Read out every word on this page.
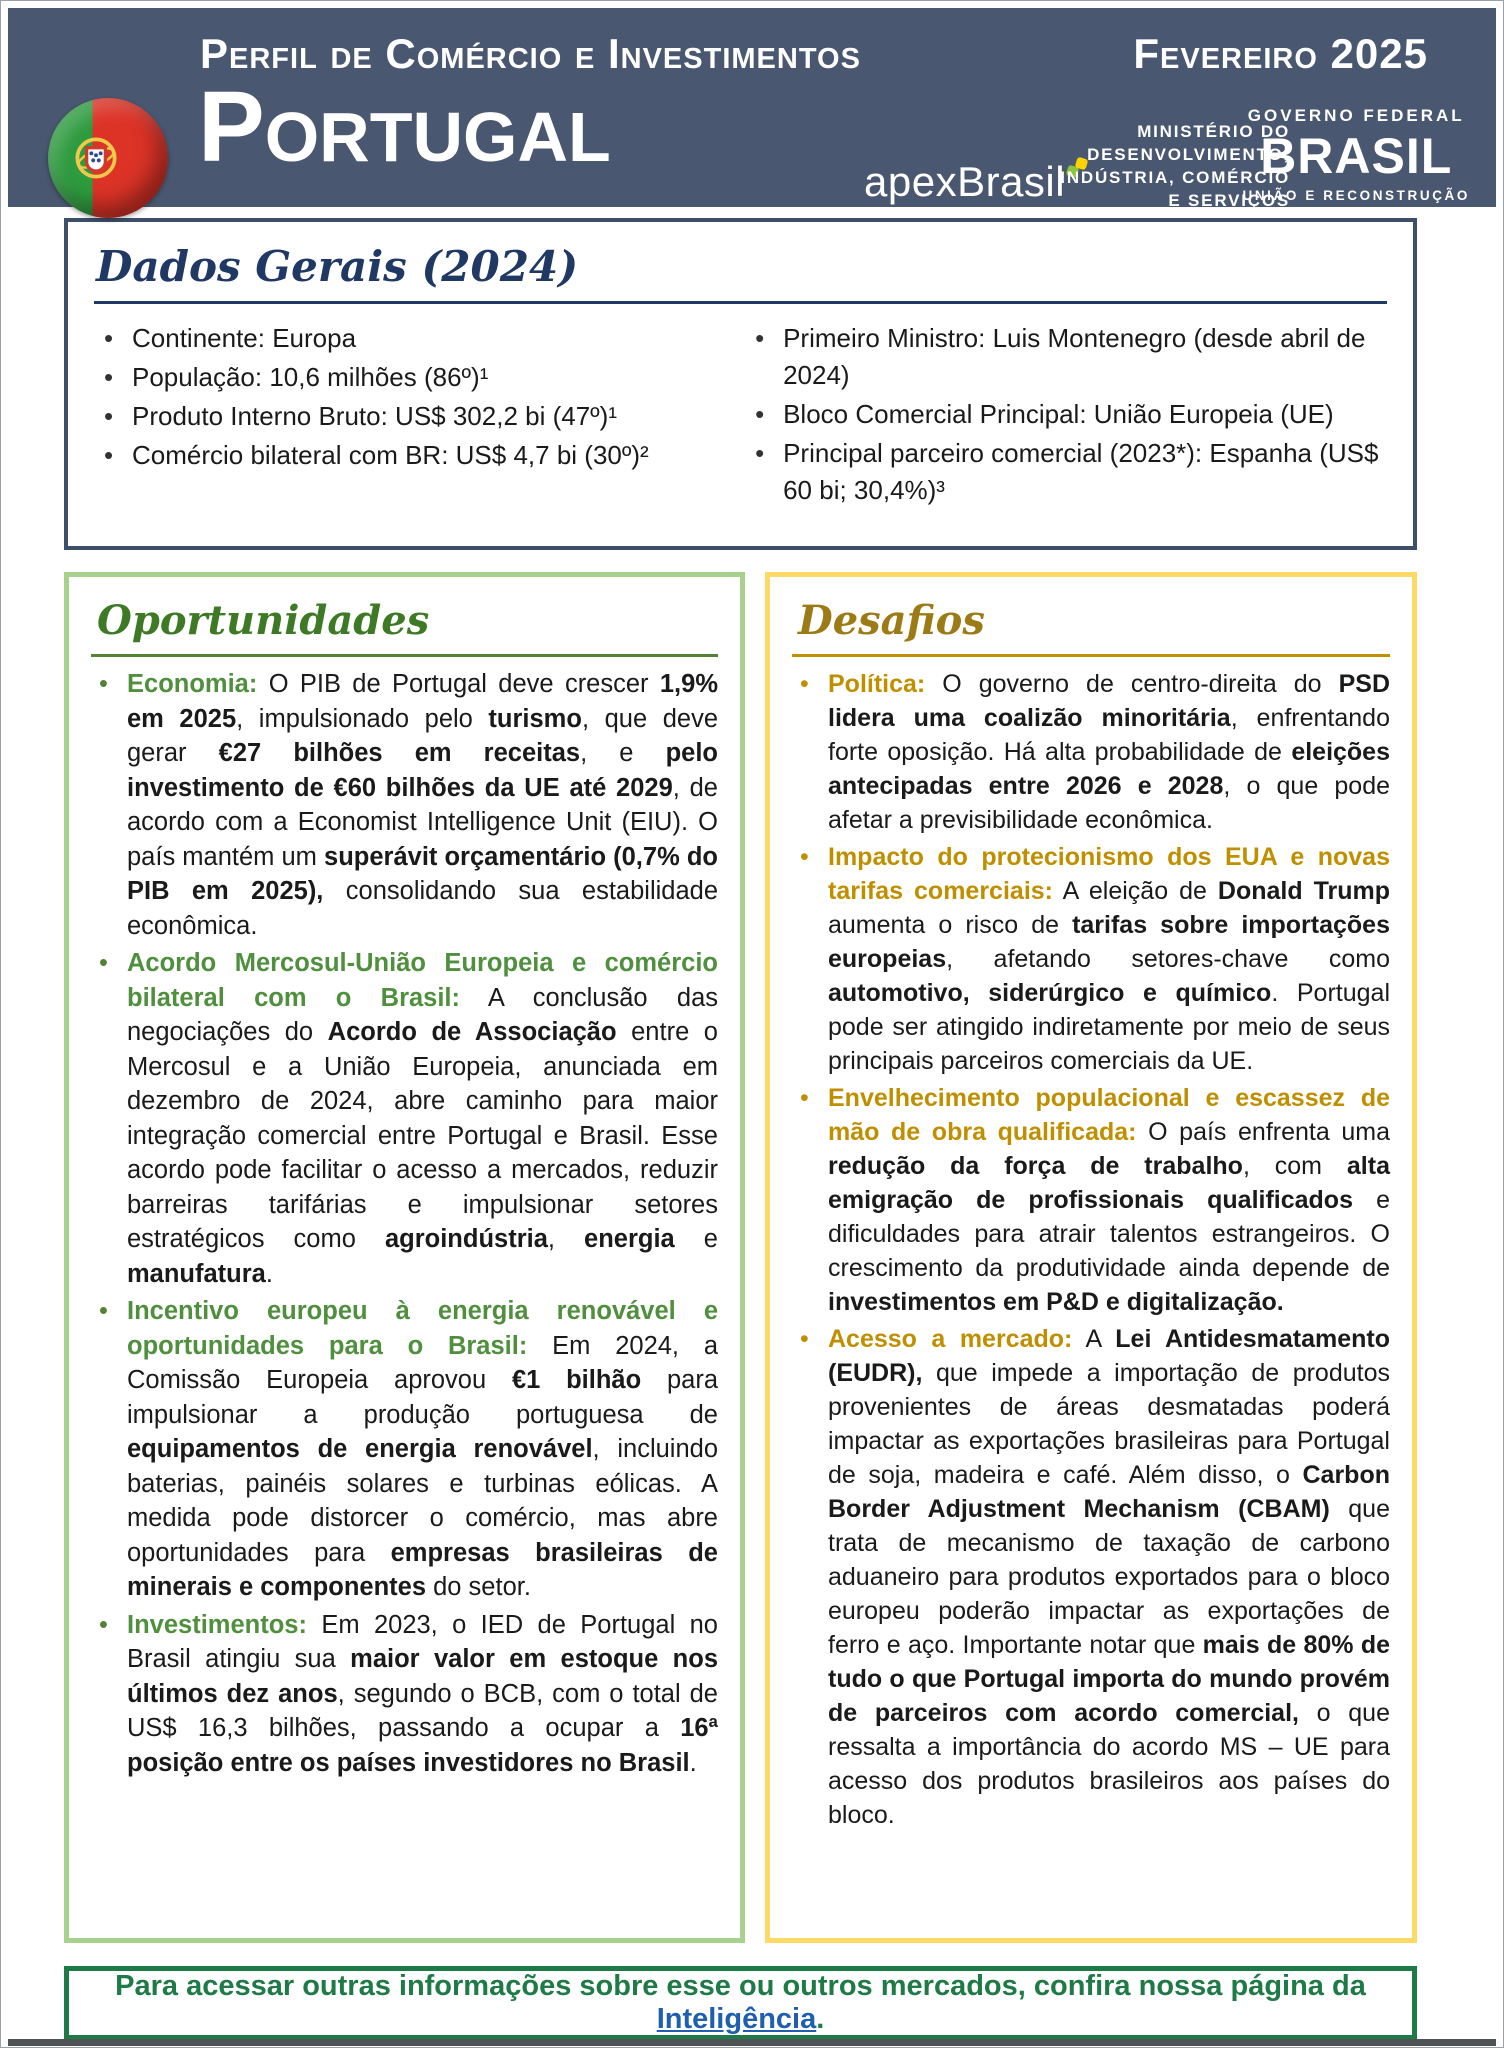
Perfil de Comércio e Investimentos	Fevereiro 2025
Portugal	apexBrasil
MINISTÉRIO DO
DESENVOLVIMENTO,
INDÚSTRIA, COMÉRCIO
E SERVIÇOS
GOVERNO FEDERAL
BRASIL
UNIÃO E RECONSTRUÇÃO
Dados Gerais (2024)
• Continente: Europa
• População: 10,6 milhões (86º)¹
• Produto Interno Bruto: US$ 302,2 bi (47º)¹
• Comércio bilateral com BR: US$ 4,7 bi (30º)²
• Primeiro Ministro: Luis Montenegro (desde abril de 2024)
• Bloco Comercial Principal: União Europeia (UE)
• Principal parceiro comercial (2023*): Espanha (US$ 60 bi; 30,4%)³
Oportunidades
• Economia: O PIB de Portugal deve crescer 1,9% em 2025, impulsionado pelo turismo, que deve gerar €27 bilhões em receitas, e pelo investimento de €60 bilhões da UE até 2029, de acordo com a Economist Intelligence Unit (EIU). O país mantém um superávit orçamentário (0,7% do PIB em 2025), consolidando sua estabilidade econômica.
• Acordo Mercosul-União Europeia e comércio bilateral com o Brasil: A conclusão das negociações do Acordo de Associação entre o Mercosul e a União Europeia, anunciada em dezembro de 2024, abre caminho para maior integração comercial entre Portugal e Brasil. Esse acordo pode facilitar o acesso a mercados, reduzir barreiras tarifárias e impulsionar setores estratégicos como agroindústria, energia e manufatura.
• Incentivo europeu à energia renovável e oportunidades para o Brasil: Em 2024, a Comissão Europeia aprovou €1 bilhão para impulsionar a produção portuguesa de equipamentos de energia renovável, incluindo baterias, painéis solares e turbinas eólicas. A medida pode distorcer o comércio, mas abre oportunidades para empresas brasileiras de minerais e componentes do setor.
• Investimentos: Em 2023, o IED de Portugal no Brasil atingiu sua maior valor em estoque nos últimos dez anos, segundo o BCB, com o total de US$ 16,3 bilhões, passando a ocupar a 16ª posição entre os países investidores no Brasil.
Desafios
• Política: O governo de centro-direita do PSD lidera uma coalizão minoritária, enfrentando forte oposição. Há alta probabilidade de eleições antecipadas entre 2026 e 2028, o que pode afetar a previsibilidade econômica.
• Impacto do protecionismo dos EUA e novas tarifas comerciais: A eleição de Donald Trump aumenta o risco de tarifas sobre importações europeias, afetando setores-chave como automotivo, siderúrgico e químico. Portugal pode ser atingido indiretamente por meio de seus principais parceiros comerciais da UE.
• Envelhecimento populacional e escassez de mão de obra qualificada: O país enfrenta uma redução da força de trabalho, com alta emigração de profissionais qualificados e dificuldades para atrair talentos estrangeiros. O crescimento da produtividade ainda depende de investimentos em P&D e digitalização.
• Acesso a mercado: A Lei Antidesmatamento (EUDR), que impede a importação de produtos provenientes de áreas desmatadas poderá impactar as exportações brasileiras para Portugal de soja, madeira e café. Além disso, o Carbon Border Adjustment Mechanism (CBAM) que trata de mecanismo de taxação de carbono aduaneiro para produtos exportados para o bloco europeu poderão impactar as exportações de ferro e aço. Importante notar que mais de 80% de tudo o que Portugal importa do mundo provém de parceiros com acordo comercial, o que ressalta a importância do acordo MS – UE para acesso dos produtos brasileiros aos países do bloco.

Para acessar outras informações sobre esse ou outros mercados, confira nossa página da Inteligência.
